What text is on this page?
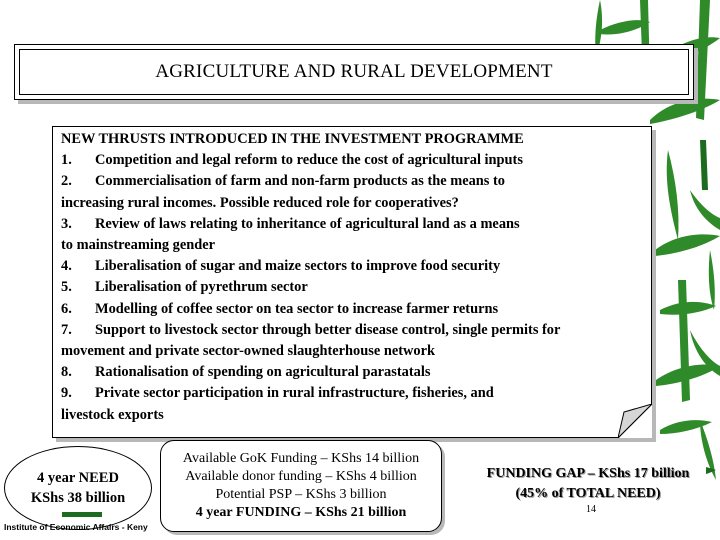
AGRICULTURE AND RURAL DEVELOPMENT
NEW THRUSTS INTRODUCED IN THE INVESTMENT PROGRAMME
1. Competition and legal reform to reduce the cost of agricultural inputs
2. Commercialisation of farm and non-farm products as the means to
increasing rural incomes. Possible reduced role for cooperatives?
3. Review of laws relating to inheritance of agricultural land as a means
to mainstreaming gender
4. Liberalisation of sugar and maize sectors to improve food security
5. Liberalisation of pyrethrum sector
6. Modelling of coffee sector on tea sector to increase farmer returns
7. Support to livestock sector through better disease control, single permits for
movement and private sector-owned slaughterhouse network
8. Rationalisation of spending on agricultural parastatals
9. Private sector participation in rural infrastructure, fisheries, and
livestock exports
4 year NEED
KShs 38 billion
Available GoK Funding – KShs 14 billion
Available donor funding – KShs 4 billion
Potential PSP – KShs 3 billion
4 year FUNDING – KShs 21 billion
FUNDING GAP – KShs 17 billion
(45% of TOTAL NEED)
14
Institute of Economic Affairs - Keny
